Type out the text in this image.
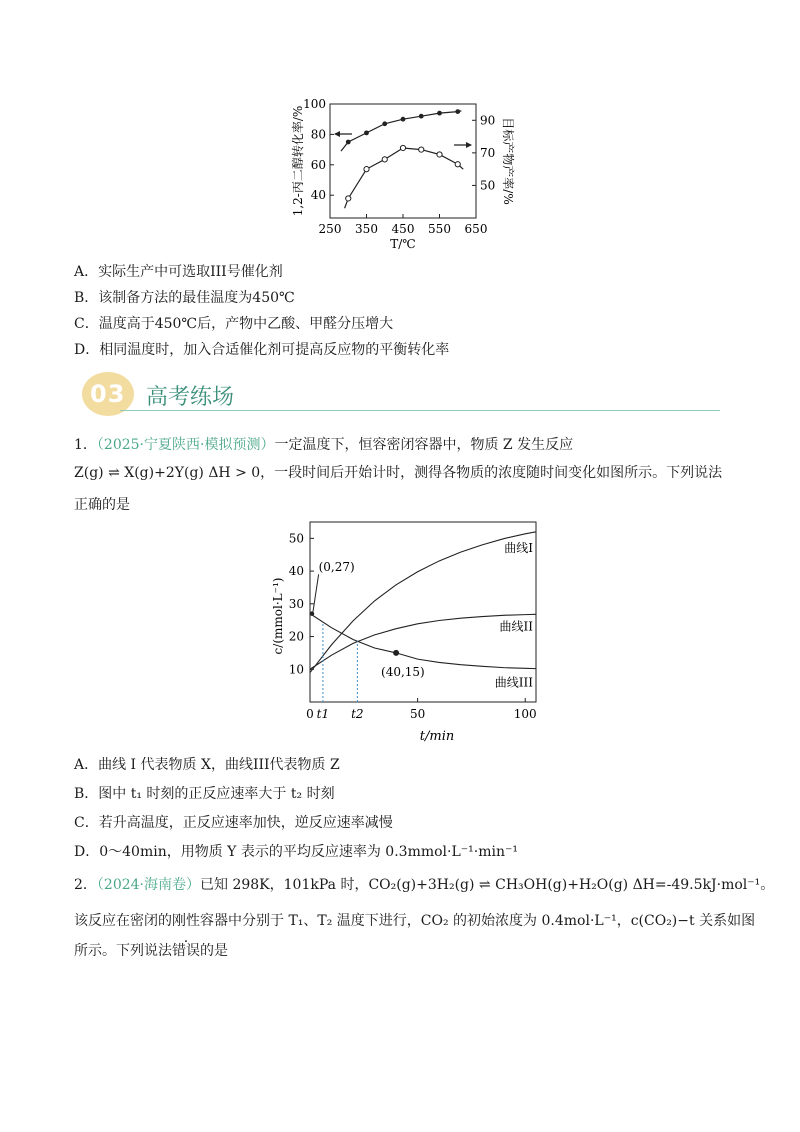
250 350 450 550 650
40
60
80
100
50
70
90
T/℃
1,2-丙二醇转化率/%	目标产物产率/%
A．实际生产中可选取III号催化剂
B．该制备方法的最佳温度为450℃
C．温度高于450℃后，产物中乙酸、甲醛分压增大
D．相同温度时，加入合适催化剂可提高反应物的平衡转化率
03 高考练场
1．（2025·宁夏陕西·模拟预测）一定温度下，恒容密闭容器中，物质 Z 发生反应
Z(g) ⇌ X(g)+2Y(g) ΔH > 0，一段时间后开始计时，测得各物质的浓度随时间变化如图所示。下列说法
正确的是
10
20
30
40
50
0	50	100
t/min
c/(mmol·L⁻¹)
曲线I
曲线II
曲线III
t1 t2
(0,27)
(40,15)
A．曲线 I 代表物质 X，曲线III代表物质 Z
B．图中 t₁ 时刻的正反应速率大于 t₂ 时刻
C．若升高温度，正反应速率加快，逆反应速率减慢
D．0～40min，用物质 Y 表示的平均反应速率为 0.3mmol·L⁻¹·min⁻¹
2．（2024·海南卷）已知 298K，101kPa 时，CO₂(g)+3H₂(g) ⇌ CH₃OH(g)+H₂O(g) ΔH=-49.5kJ·mol⁻¹。
该反应在密闭的刚性容器中分别于 T₁、T₂ 温度下进行，CO₂ 的初始浓度为 0.4mol·L⁻¹，c(CO₂)−t 关系如图
所示。下列说法错误的是
